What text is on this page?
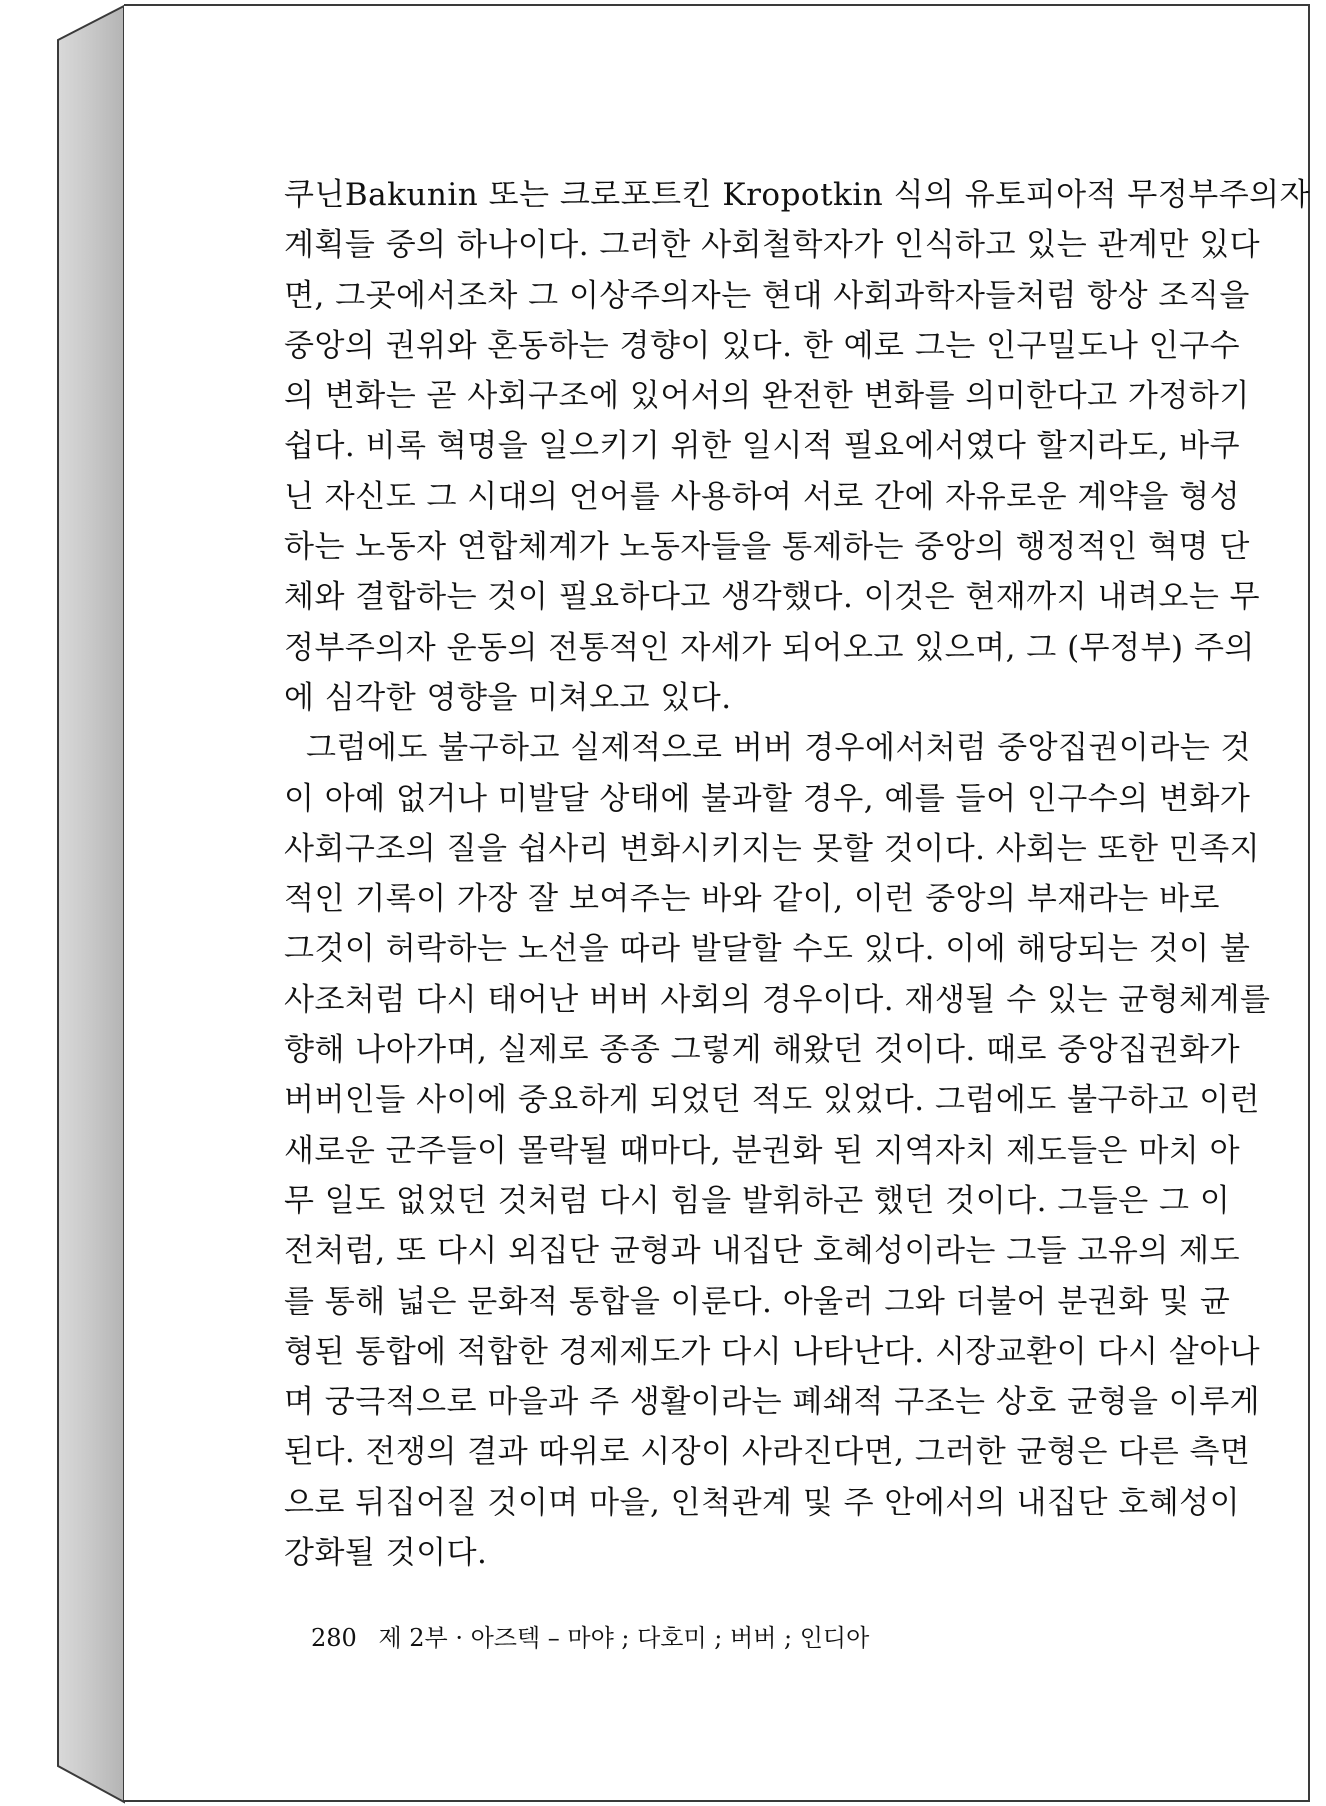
쿠닌Bakunin 또는 크로포트킨 Kropotkin 식의 유토피아적 무정부주의자
계획들 중의 하나이다. 그러한 사회철학자가 인식하고 있는 관계만 있다
면, 그곳에서조차 그 이상주의자는 현대 사회과학자들처럼 항상 조직을
중앙의 권위와 혼동하는 경향이 있다. 한 예로 그는 인구밀도나 인구수
의 변화는 곧 사회구조에 있어서의 완전한 변화를 의미한다고 가정하기
쉽다. 비록 혁명을 일으키기 위한 일시적 필요에서였다 할지라도, 바쿠
닌 자신도 그 시대의 언어를 사용하여 서로 간에 자유로운 계약을 형성
하는 노동자 연합체계가 노동자들을 통제하는 중앙의 행정적인 혁명 단
체와 결합하는 것이 필요하다고 생각했다. 이것은 현재까지 내려오는 무
정부주의자 운동의 전통적인 자세가 되어오고 있으며, 그 (무정부) 주의
에 심각한 영향을 미쳐오고 있다.
그럼에도 불구하고 실제적으로 버버 경우에서처럼 중앙집권이라는 것
이 아예 없거나 미발달 상태에 불과할 경우, 예를 들어 인구수의 변화가
사회구조의 질을 쉽사리 변화시키지는 못할 것이다. 사회는 또한 민족지
적인 기록이 가장 잘 보여주는 바와 같이, 이런 중앙의 부재라는 바로
그것이 허락하는 노선을 따라 발달할 수도 있다. 이에 해당되는 것이 불
사조처럼 다시 태어난 버버 사회의 경우이다. 재생될 수 있는 균형체계를
향해 나아가며, 실제로 종종 그렇게 해왔던 것이다. 때로 중앙집권화가
버버인들 사이에 중요하게 되었던 적도 있었다. 그럼에도 불구하고 이런
새로운 군주들이 몰락될 때마다, 분권화 된 지역자치 제도들은 마치 아
무 일도 없었던 것처럼 다시 힘을 발휘하곤 했던 것이다. 그들은 그 이
전처럼, 또 다시 외집단 균형과 내집단 호혜성이라는 그들 고유의 제도
를 통해 넓은 문화적 통합을 이룬다. 아울러 그와 더불어 분권화 및 균
형된 통합에 적합한 경제제도가 다시 나타난다. 시장교환이 다시 살아나
며 궁극적으로 마을과 주 생활이라는 폐쇄적 구조는 상호 균형을 이루게
된다. 전쟁의 결과 따위로 시장이 사라진다면, 그러한 균형은 다른 측면
으로 뒤집어질 것이며 마을, 인척관계 및 주 안에서의 내집단 호혜성이
강화될 것이다.
280 제 2부 · 아즈텍 – 마야 ; 다호미 ; 버버 ; 인디아
